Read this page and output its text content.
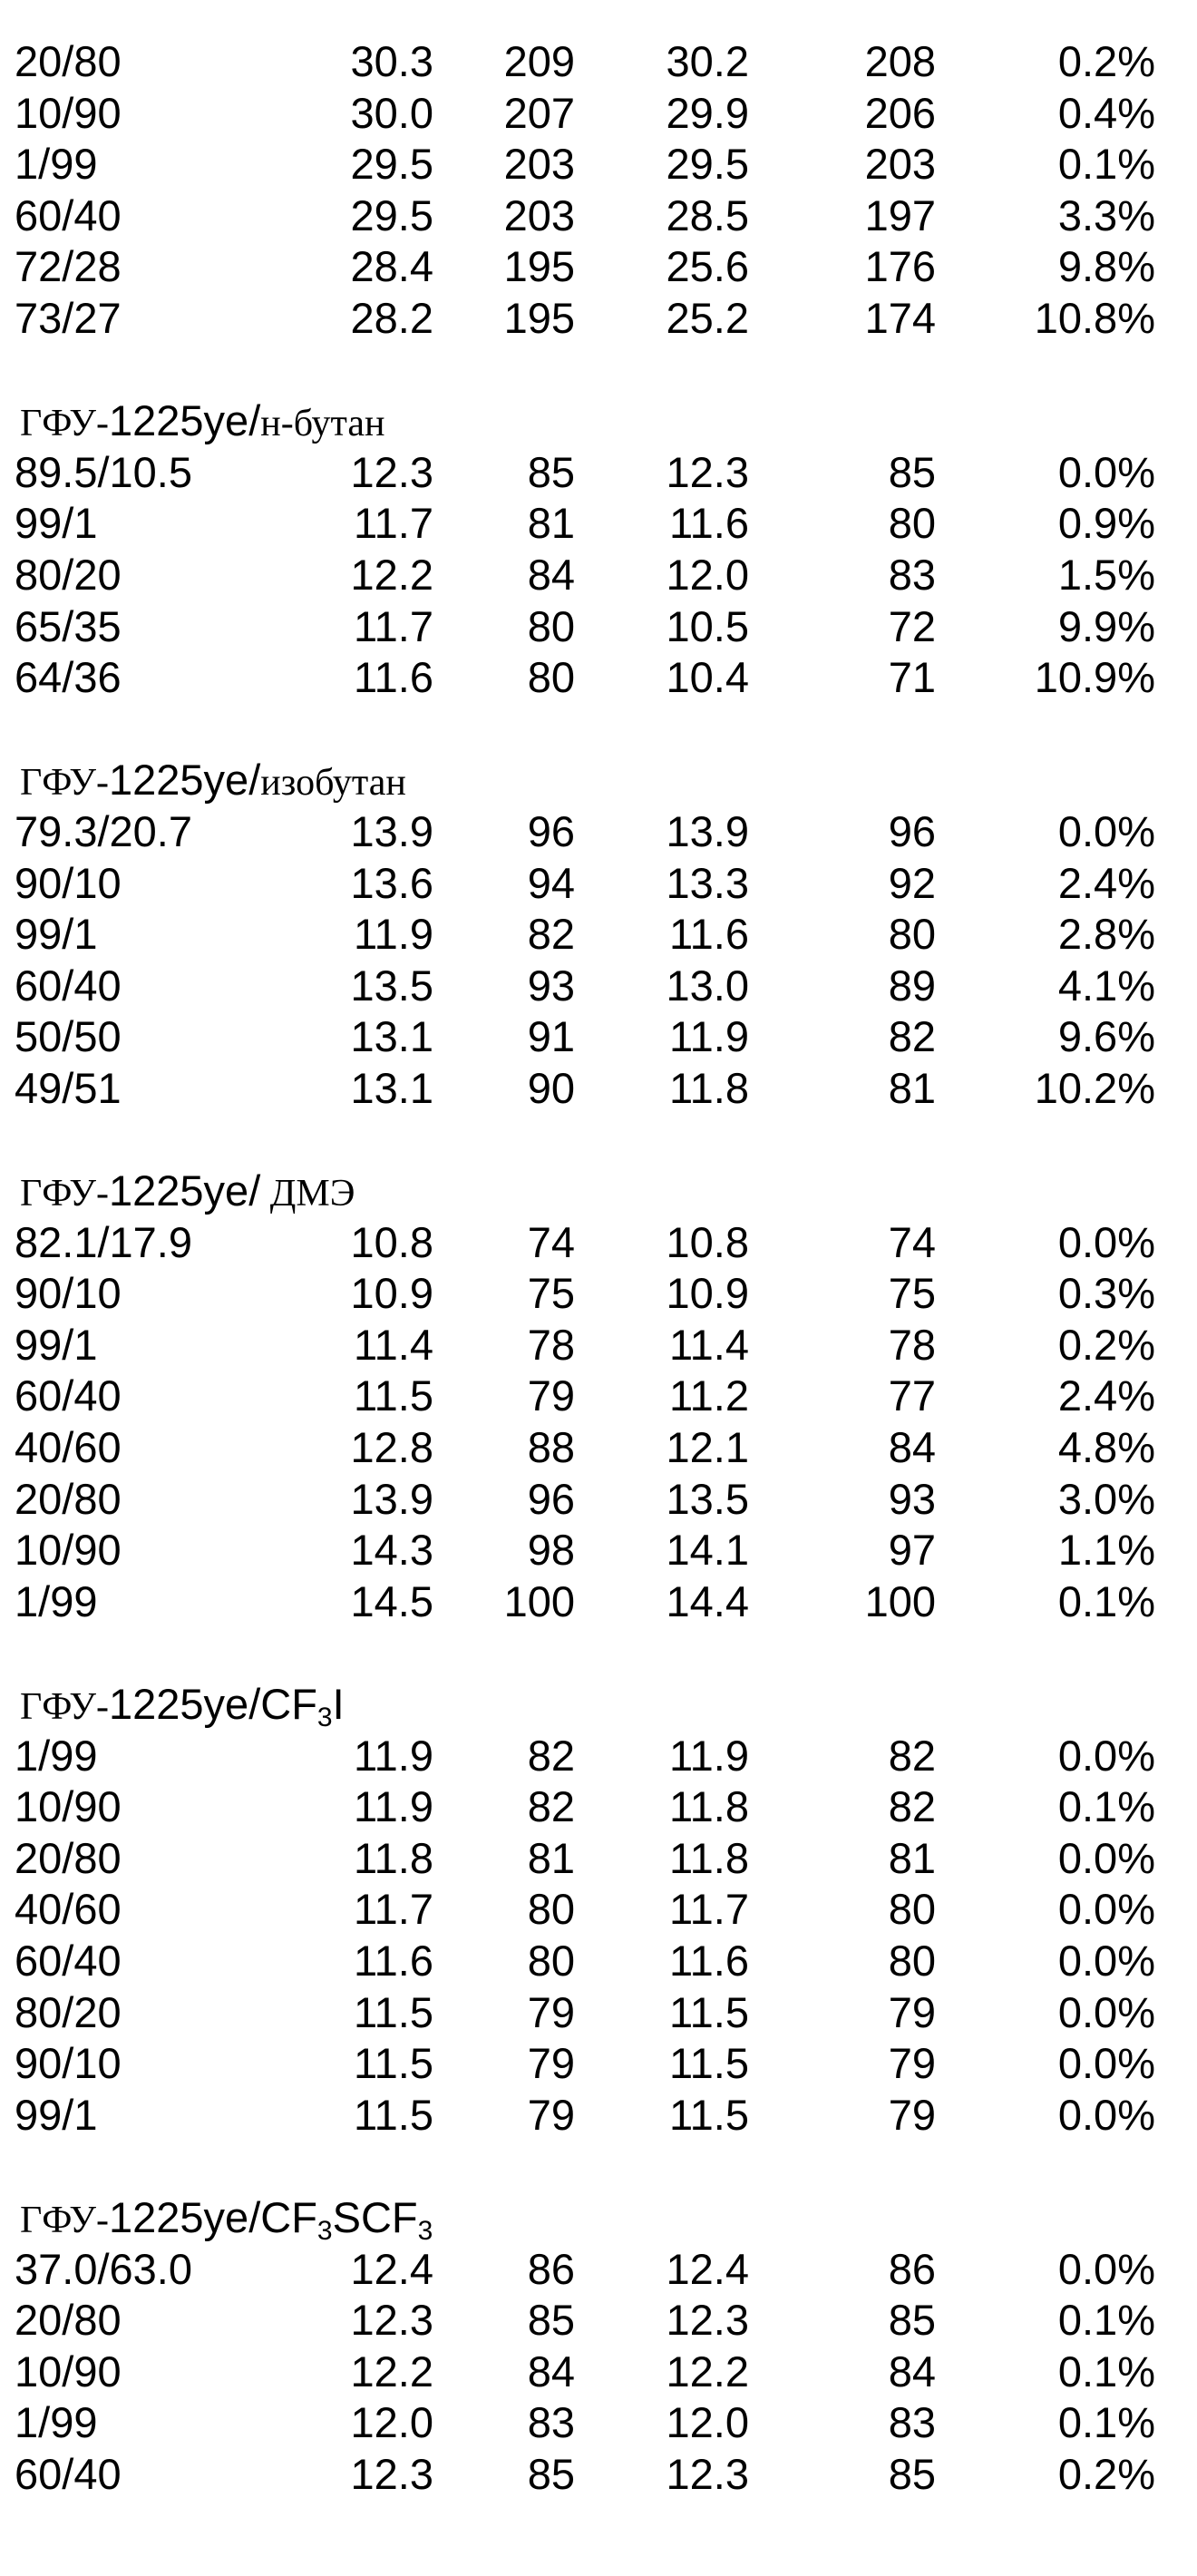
20/80	30.3 209 30.2	208	0.2%
10/90	30.0 207 29.9	206	0.4%
1/99	29.5 203 29.5	203	0.1%
60/40	29.5 203 28.5	197	3.3%
72/28	28.4 195 25.6	176	9.8%
73/27	28.2 195 25.2	174 10.8%
ГФУ-1225ye/н-бутан
89.5/10.5	12.3 85 12.3	85	0.0%
99/1	11.7 81 11.6	80	0.9%
80/20	12.2 84 12.0	83	1.5%
65/35	11.7 80 10.5	72	9.9%
64/36	11.6 80 10.4	71 10.9%
ГФУ-1225ye/изобутан
79.3/20.7	13.9 96 13.9	96	0.0%
90/10	13.6 94 13.3	92	2.4%
99/1	11.9 82 11.6	80	2.8%
60/40	13.5 93 13.0	89	4.1%
50/50	13.1 91 11.9	82	9.6%
49/51	13.1 90 11.8	81 10.2%
ГФУ-1225ye/ ДМЭ
82.1/17.9	10.8 74 10.8	74	0.0%
90/10	10.9 75 10.9	75	0.3%
99/1	11.4 78 11.4	78	0.2%
60/40	11.5 79 11.2	77	2.4%
40/60	12.8 88 12.1	84	4.8%
20/80	13.9 96 13.5	93	3.0%
10/90	14.3 98 14.1	97	1.1%
1/99	14.5 100 14.4	100	0.1%
ГФУ-$1225ye/CF_3I$
1/99	11.9 82 11.9	82	0.0%
10/90	11.9 82 11.8	82	0.1%
20/80	11.8 81 11.8	81	0.0%
40/60	11.7 80 11.7	80	0.0%
60/40	11.6 80 11.6	80	0.0%
80/20	11.5 79 11.5	79	0.0%
90/10	11.5 79 11.5	79	0.0%
99/1	11.5 79 11.5	79	0.0%
ГФУ-$1225ye/CF_3SCF_3$
37.0/63.0	12.4 86 12.4	86	0.0%
20/80	12.3 85 12.3	85	0.1%
10/90	12.2 84 12.2	84	0.1%
1/99	12.0 83 12.0	83	0.1%
60/40	12.3 85 12.3	85	0.2%
